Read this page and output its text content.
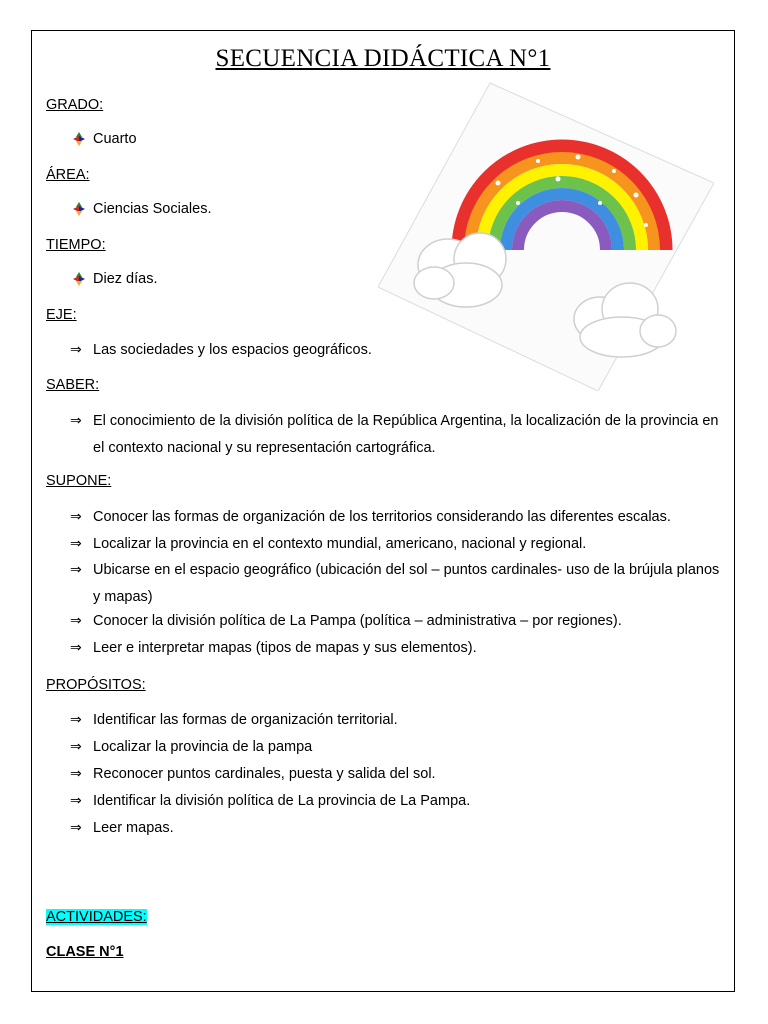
SECUENCIA DIDÁCTICA N°1
GRADO:
Cuarto
ÁREA:
Ciencias Sociales.
TIEMPO:
Diez días.
EJE:
⇒ Las sociedades y los espacios geográficos.
SABER:
⇒ El conocimiento de la división política de la República Argentina, la localización de la provincia en el contexto nacional y su representación cartográfica.
SUPONE:
⇒ Conocer las formas de organización de los territorios considerando las diferentes escalas.
⇒ Localizar la provincia en el contexto mundial, americano, nacional y regional.
⇒ Ubicarse en el espacio geográfico (ubicación del sol – puntos cardinales- uso de la brújula planos y mapas)
⇒ Conocer la división política de La Pampa (política – administrativa – por regiones).
⇒ Leer e interpretar mapas (tipos de mapas y sus elementos).
PROPÓSITOS:
⇒ Identificar las formas de organización territorial.
⇒ Localizar la provincia de la pampa
⇒ Reconocer puntos cardinales, puesta y salida del sol.
⇒ Identificar la división política de La provincia de La Pampa.
⇒ Leer mapas.
ACTIVIDADES:
CLASE N°1
